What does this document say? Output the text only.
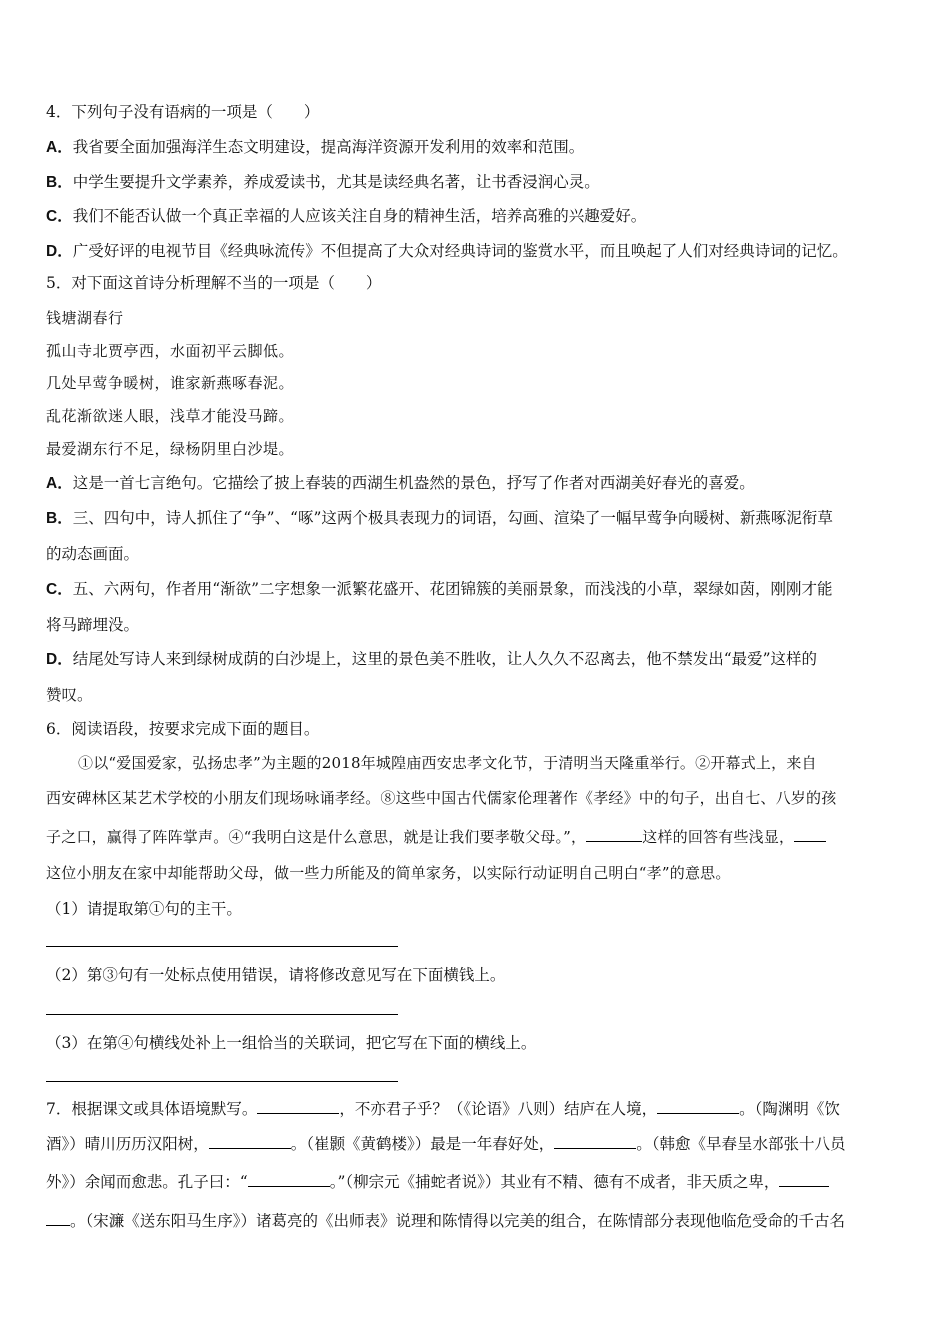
4．下列句子没有语病的一项是（　　）
A．我省要全面加强海洋生态文明建设，提高海洋资源开发利用的效率和范围。
B．中学生要提升文学素养，养成爱读书，尤其是读经典名著，让书香浸润心灵。
C．我们不能否认做一个真正幸福的人应该关注自身的精神生活，培养高雅的兴趣爱好。
D．广受好评的电视节目《经典咏流传》不但提高了大众对经典诗词的鉴赏水平，而且唤起了人们对经典诗词的记忆。
5．对下面这首诗分析理解不当的一项是（　　）
钱塘湖春行
孤山寺北贾亭西，水面初平云脚低。
几处早莺争暖树，谁家新燕啄春泥。
乱花渐欲迷人眼，浅草才能没马蹄。
最爱湖东行不足，绿杨阴里白沙堤。
A．这是一首七言绝句。它描绘了披上春装的西湖生机盎然的景色，抒写了作者对西湖美好春光的喜爱。
B．三、四句中，诗人抓住了“争”、“啄”这两个极具表现力的词语，勾画、渲染了一幅早莺争向暖树、新燕啄泥衔草
的动态画面。
C．五、六两句，作者用“渐欲”二字想象一派繁花盛开、花团锦簇的美丽景象，而浅浅的小草，翠绿如茵，刚刚才能
将马蹄埋没。
D．结尾处写诗人来到绿树成荫的白沙堤上，这里的景色美不胜收，让人久久不忍离去，他不禁发出“最爱”这样的
赞叹。
6．阅读语段，按要求完成下面的题目。
①以“爱国爱家，弘扬忠孝”为主题的2018年城隍庙西安忠孝文化节，于清明当天隆重举行。②开幕式上，来自
西安碑林区某艺术学校的小朋友们现场咏诵孝经。⑧这些中国古代儒家伦理著作《孝经》中的句子，出自七、八岁的孩
子之口，赢得了阵阵掌声。④“我明白这是什么意思，就是让我们要孝敬父母。”，	这样的回答有些浅显，
这位小朋友在家中却能帮助父母，做一些力所能及的简单家务，以实际行动证明自己明白“孝”的意思。
（1）请提取第①句的主干。
（2）第③句有一处标点使用错误，请将修改意见写在下面横钱上。
（3）在第④句横线处补上一组恰当的关联词，把它写在下面的横线上。
7．根据课文或具体语境默写。	，不亦君子乎？（《论语》八则）结庐在人境，	。（陶渊明《饮
酒》）晴川历历汉阳树，	。（崔颢《黄鹤楼》）最是一年春好处，	。（韩愈《早春呈水部张十八员
外》）余闻而愈悲。孔子曰：“	。”（柳宗元《捕蛇者说》）其业有不精、德有不成者，非天质之卑，
。（宋濂《送东阳马生序》）诸葛亮的《出师表》说理和陈情得以完美的组合，在陈情部分表现他临危受命的千古名
